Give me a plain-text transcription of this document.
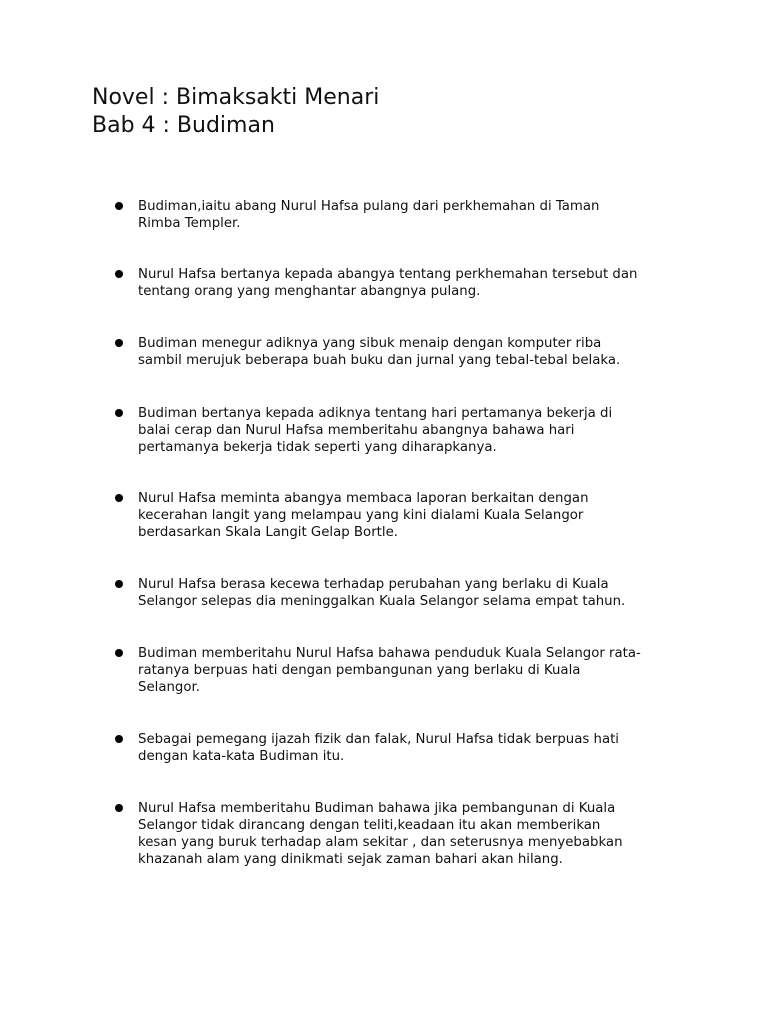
Novel : Bimaksakti Menari
Bab 4 : Budiman
Budiman,iaitu abang Nurul Hafsa pulang dari perkhemahan di Taman
Rimba Templer.
Nurul Hafsa bertanya kepada abangya tentang perkhemahan tersebut dan
tentang orang yang menghantar abangnya pulang.
Budiman menegur adiknya yang sibuk menaip dengan komputer riba
sambil merujuk beberapa buah buku dan jurnal yang tebal-tebal belaka.
Budiman bertanya kepada adiknya tentang hari pertamanya bekerja di
balai cerap dan Nurul Hafsa memberitahu abangnya bahawa hari
pertamanya bekerja tidak seperti yang diharapkanya.
Nurul Hafsa meminta abangya membaca laporan berkaitan dengan
kecerahan langit yang melampau yang kini dialami Kuala Selangor
berdasarkan Skala Langit Gelap Bortle.
Nurul Hafsa berasa kecewa terhadap perubahan yang berlaku di Kuala
Selangor selepas dia meninggalkan Kuala Selangor selama empat tahun.
Budiman memberitahu Nurul Hafsa bahawa penduduk Kuala Selangor rata-
ratanya berpuas hati dengan pembangunan yang berlaku di Kuala
Selangor.
Sebagai pemegang ijazah fizik dan falak, Nurul Hafsa tidak berpuas hati
dengan kata-kata Budiman itu.
Nurul Hafsa memberitahu Budiman bahawa jika pembangunan di Kuala
Selangor tidak dirancang dengan teliti,keadaan itu akan memberikan
kesan yang buruk terhadap alam sekitar , dan seterusnya menyebabkan
khazanah alam yang dinikmati sejak zaman bahari akan hilang.
